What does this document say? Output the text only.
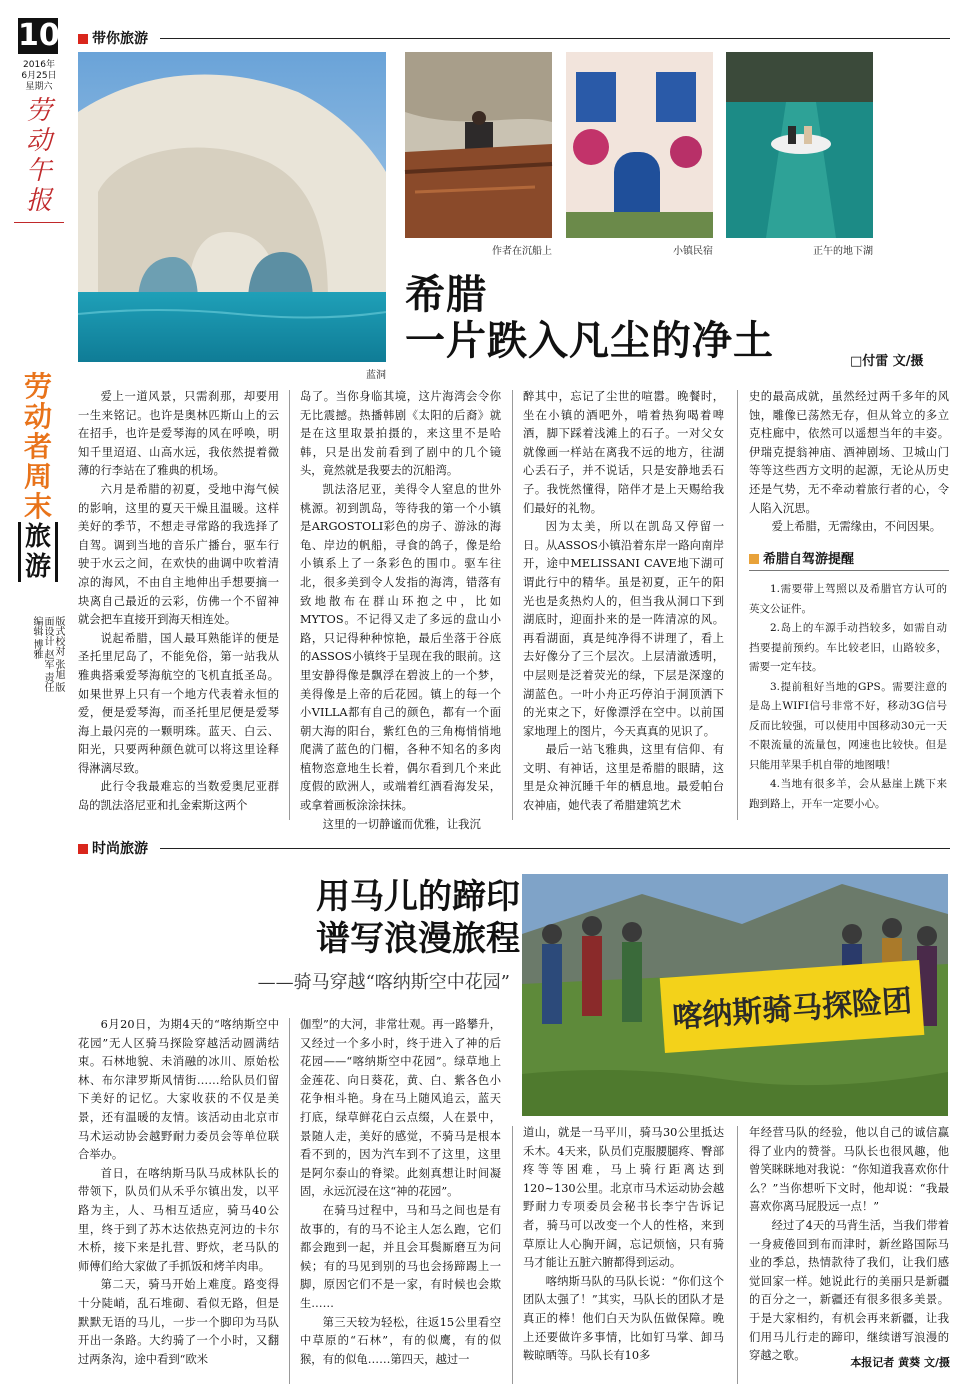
10
2016年
6月25日
星期六
劳动午报
劳动者周末
旅游
版式校对 张旭 版面设计 赵军 责任编辑 博雅
带你旅游
蓝洞
作者在沉船上	小镇民宿	正午的地下湖
希腊
一片跌入凡尘的净土	□付雷 文/摄

爱上一道风景，只需刹那，却要用一生来铭记。也许是奥林匹斯山上的云在招手，也许是爱琴海的风在呼唤，明知千里迢迢、山高水远，我依然提着微薄的行李站在了雅典的机场。

六月是希腊的初夏，受地中海气候的影响，这里的夏天干燥且温暖。这样美好的季节，不想走寻常路的我选择了自驾。调到当地的音乐广播台，驱车行驶于水云之间，在欢快的曲调中吹着清凉的海风，不由自主地伸出手想要摘一块离自己最近的云彩，仿佛一个不留神就会把车直接开到海天相连处。

说起希腊，国人最耳熟能详的便是圣托里尼岛了，不能免俗，第一站我从雅典搭乘爱琴海航空的飞机直抵圣岛。如果世界上只有一个地方代表着永恒的爱，便是爱琴海，而圣托里尼便是爱琴海上最闪亮的一颗明珠。蓝天、白云、阳光，只要两种颜色就可以将这里诠释得淋漓尽致。

此行令我最难忘的当数爱奥尼亚群岛的凯法洛尼亚和扎金索斯这两个

岛了。当你身临其境，这片海湾会令你无比震撼。热播韩剧《太阳的后裔》就是在这里取景拍摄的，来这里不是哈韩，只是出发前看到了剧中的几个镜头，竟然就是我要去的沉船湾。

凯法洛尼亚，美得令人窒息的世外桃源。初到凯岛，等待我的第一个小镇是ARGOSTOLI彩色的房子、游泳的海龟、岸边的帆船，寻食的鸽子，像是给小镇系上了一条彩色的围巾。驱车往北，很多美到令人发指的海湾，错落有致地散布在群山环抱之中，比如MYTOS。不记得又走了多远的盘山小路，只记得种种惊艳，最后坐落于谷底的ASSOS小镇终于呈现在我的眼前。这里安静得像是飘浮在碧波上的一个梦，美得像是上帝的后花园。镇上的每一个小VILLA都有自己的颜色，都有一个面朝大海的阳台，紫红色的三角梅悄悄地爬满了蓝色的门楣，各种不知名的多肉植物恣意地生长着，偶尔看到几个来此度假的欧洲人，或端着红酒看海发呆，或拿着画板涂涂抹抹。

这里的一切静谧而优雅，让我沉

醉其中，忘记了尘世的喧嚣。晚餐时，坐在小镇的酒吧外，啃着热狗喝着啤酒，脚下踩着浅滩上的石子。一对父女就像画一样站在离我不远的地方，往湖心丢石子，并不说话，只是安静地丢石子。我恍然懂得，陪伴才是上天赐给我们最好的礼物。

因为太美，所以在凯岛又停留一日。从ASSOS小镇沿着东岸一路向南岸开，途中MELISSANI CAVE地下湖可谓此行中的精华。虽是初夏，正午的阳光也是炙热灼人的，但当我从洞口下到湖底时，迎面扑来的是一阵清凉的风。再看湖面，真是纯净得不讲理了，看上去好像分了三个层次。上层清澈透明，中层则是泛着荧光的绿，下层是深邃的湖蓝色。一叶小舟正巧停泊于洞顶洒下的光束之下，好像漂浮在空中。以前国家地理上的图片，今天真真的见识了。

最后一站飞雅典，这里有信仰、有文明、有神话，这里是希腊的眼睛，这里是众神沉睡千年的栖息地。最爱帕台农神庙，她代表了希腊建筑艺术

史的最高成就，虽然经过两千多年的风蚀，雕像已荡然无存，但从耸立的多立克柱廊中，依然可以遥想当年的丰姿。伊瑞克提翁神庙、酒神剧场、卫城山门等等这些西方文明的起源，无论从历史还是气势，无不牵动着旅行者的心，令人陷入沉思。

爱上希腊，无需缘由，不问因果。

希腊自驾游提醒

1.需要带上驾照以及希腊官方认可的英文公证件。

2.岛上的车源手动挡较多，如需自动挡要提前预约。车比较老旧，山路较多，需要一定车技。

3.提前租好当地的GPS。需要注意的是岛上WIFI信号非常不好，移动3G信号反而比较强，可以使用中国移动30元一天不限流量的流量包，网速也比较快。但是只能用苹果手机自带的地图哦！

4.当地有很多羊，会从悬崖上跳下来跑到路上，开车一定要小心。

时尚旅游
用马儿的蹄印
谱写浪漫旅程
——骑马穿越“喀纳斯空中花园”
喀纳斯骑马探险团

6月20日，为期4天的“喀纳斯空中花园”无人区骑马探险穿越活动圆满结束。石林地貌、未消融的冰川、原始松林、布尔津罗斯风情街……给队员们留下美好的记忆。大家收获的不仅是美景，还有温暖的友情。该活动由北京市马术运动协会越野耐力委员会等单位联合举办。

首日，在喀纳斯马队马成林队长的带领下，队员们从禾乎尔镇出发，以平路为主，人、马相互适应，骑马40公里，终于到了苏木达依热克河边的卡尔木桥，接下来是扎营、野炊，老马队的师傅们给大家做了手抓饭和烤羊肉串。

第二天，骑马开始上难度。路变得十分陡峭，乱石堆砌、看似无路，但是默默无语的马儿，一步一个脚印为马队开出一条路。大约骑了一个小时，又翻过两条沟，途中看到“欧米

伽型”的大河，非常壮观。再一路攀升，又经过一个多小时，终于进入了神的后花园——“喀纳斯空中花园”。绿草地上金莲花、向日葵花，黄、白、紫各色小花争相斗艳。身在马上随风追云，蓝天打底，绿草鲜花白云点缀，人在景中，景随人走，美好的感觉，不骑马是根本看不到的，因为汽车到不了这里，这里是阿尔泰山的脊梁。此刻真想让时间凝固，永远沉浸在这“神的花园”。

在骑马过程中，马和马之间也是有故事的，有的马不论主人怎么跑，它们都会跑到一起，并且会耳鬓厮磨互为问候；有的马见到别的马也会扬蹄踢上一脚，原因它们不是一家，有时候也会欺生……

第三天较为轻松，往返15公里看空中草原的“石林”，有的似鹰，有的似猴，有的似龟……第四天，越过一

道山，就是一马平川，骑马30公里抵达禾木。4天来，队员们克服腰腿疼、臀部疼等等困难，马上骑行距离达到120~130公里。北京市马术运动协会越野耐力专项委员会秘书长李宁告诉记者，骑马可以改变一个人的性格，来到草原让人心胸开阔，忘记烦恼，只有骑马才能让五脏六腑都得到运动。

喀纳斯马队的马队长说：“你们这个团队太强了！”其实，马队长的团队才是真正的棒！他们白天为队伍做保障。晚上还要做许多事情，比如钉马掌、卸马鞍晾晒等。马队长有10多

年经营马队的经验，他以自己的诚信赢得了业内的赞誉。马队长也很风趣，他曾笑眯眯地对我说：“你知道我喜欢你什么？”当你想听下文时，他却说：“我最喜欢你离马屁股远一点！”

经过了4天的马背生活，当我们带着一身疲倦回到布而津时，新丝路国际马业的季总，热情款待了我们，让我们感觉回家一样。她说此行的美丽只是新疆的百分之一，新疆还有很多很多美景。于是大家相约，有机会再来新疆，让我们用马儿行走的蹄印，继续谱写浪漫的穿越之歌。

本报记者 黄葵 文/摄
